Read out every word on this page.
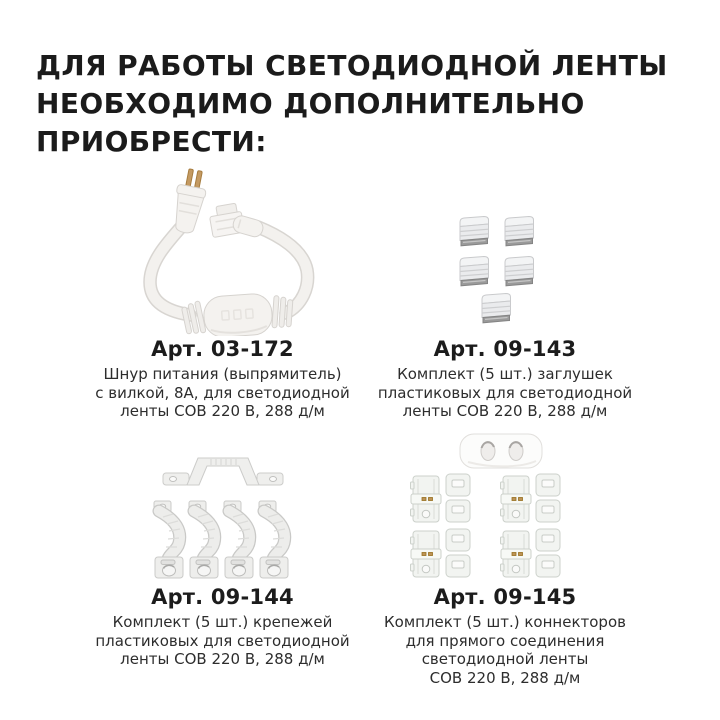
ДЛЯ РАБОТЫ СВЕТОДИОДНОЙ ЛЕНТЫ
НЕОБХОДИМО ДОПОЛНИТЕЛЬНО
ПРИОБРЕСТИ:
Арт. 03-172
Шнур питания (выпрямитель)
с вилкой, 8А, для светодиодной
ленты COB 220 В, 288 д/м
Арт. 09-143
Комплект (5 шт.) заглушек
пластиковых для светодиодной
ленты COB 220 В, 288 д/м
Арт. 09-144
Комплект (5 шт.) крепежей
пластиковых для светодиодной
ленты COB 220 В, 288 д/м
Арт. 09-145
Комплект (5 шт.) коннекторов
для прямого соединения
светодиодной ленты
COB 220 В, 288 д/м
